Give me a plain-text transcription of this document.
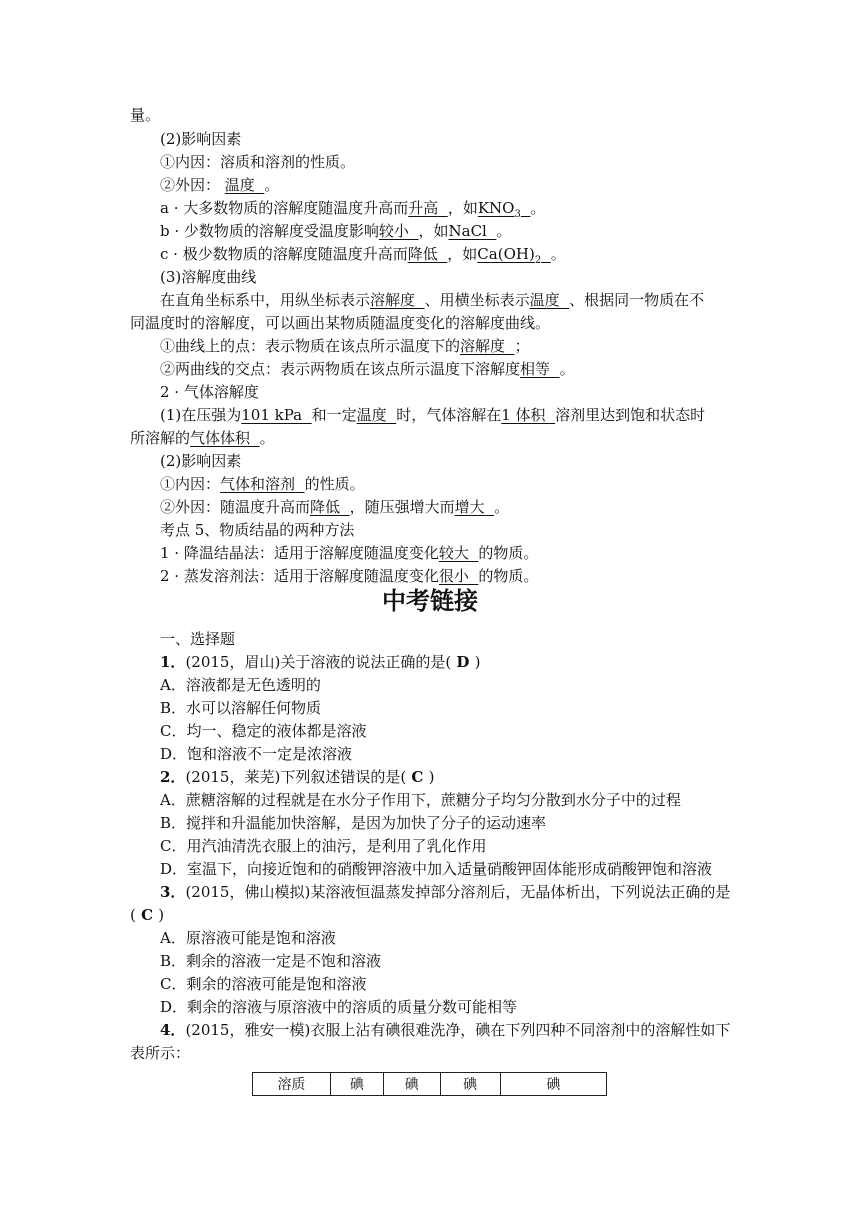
量。
(2)影响因素
①内因：溶质和溶剂的性质。
②外因： 温度 。
a · 大多数物质的溶解度随温度升高而升高 ，如$KNO_3$ 。
b · 少数物质的溶解度受温度影响较小 ，如NaCl 。
c · 极少数物质的溶解度随温度升高而降低 ，如$Ca(OH)_2$ 。
(3)溶解度曲线
在直角坐标系中，用纵坐标表示溶解度 、用横坐标表示温度 、根据同一物质在不
同温度时的溶解度，可以画出某物质随温度变化的溶解度曲线。
①曲线上的点：表示物质在该点所示温度下的溶解度 ；
②两曲线的交点：表示两物质在该点所示温度下溶解度相等 。
2 · 气体溶解度
(1)在压强为101 kPa 和一定温度 时，气体溶解在1 体积 溶剂里达到饱和状态时
所溶解的气体体积 。
(2)影响因素
①内因：气体和溶剂 的性质。
②外因：随温度升高而降低 ，随压强增大而增大 。
考点 5、物质结晶的两种方法
1 · 降温结晶法：适用于溶解度随温度变化较大 的物质。
2 · 蒸发溶剂法：适用于溶解度随温度变化很小 的物质。
中考链接
一、选择题
1．(2015，眉山)关于溶液的说法正确的是( D )
A．溶液都是无色透明的
B．水可以溶解任何物质
C．均一、稳定的液体都是溶液
D．饱和溶液不一定是浓溶液
2．(2015，莱芜)下列叙述错误的是( C )
A．蔗糖溶解的过程就是在水分子作用下，蔗糖分子均匀分散到水分子中的过程
B．搅拌和升温能加快溶解，是因为加快了分子的运动速率
C．用汽油清洗衣服上的油污，是利用了乳化作用
D．室温下，向接近饱和的硝酸钾溶液中加入适量硝酸钾固体能形成硝酸钾饱和溶液
3．(2015，佛山模拟)某溶液恒温蒸发掉部分溶剂后，无晶体析出，下列说法正确的是
( C )
A．原溶液可能是饱和溶液
B．剩余的溶液一定是不饱和溶液
C．剩余的溶液可能是饱和溶液
D．剩余的溶液与原溶液中的溶质的质量分数可能相等
4．(2015，雅安一模)衣服上沾有碘很难洗净，碘在下列四种不同溶剂中的溶解性如下
表所示：
溶质	碘	碘	碘	碘
